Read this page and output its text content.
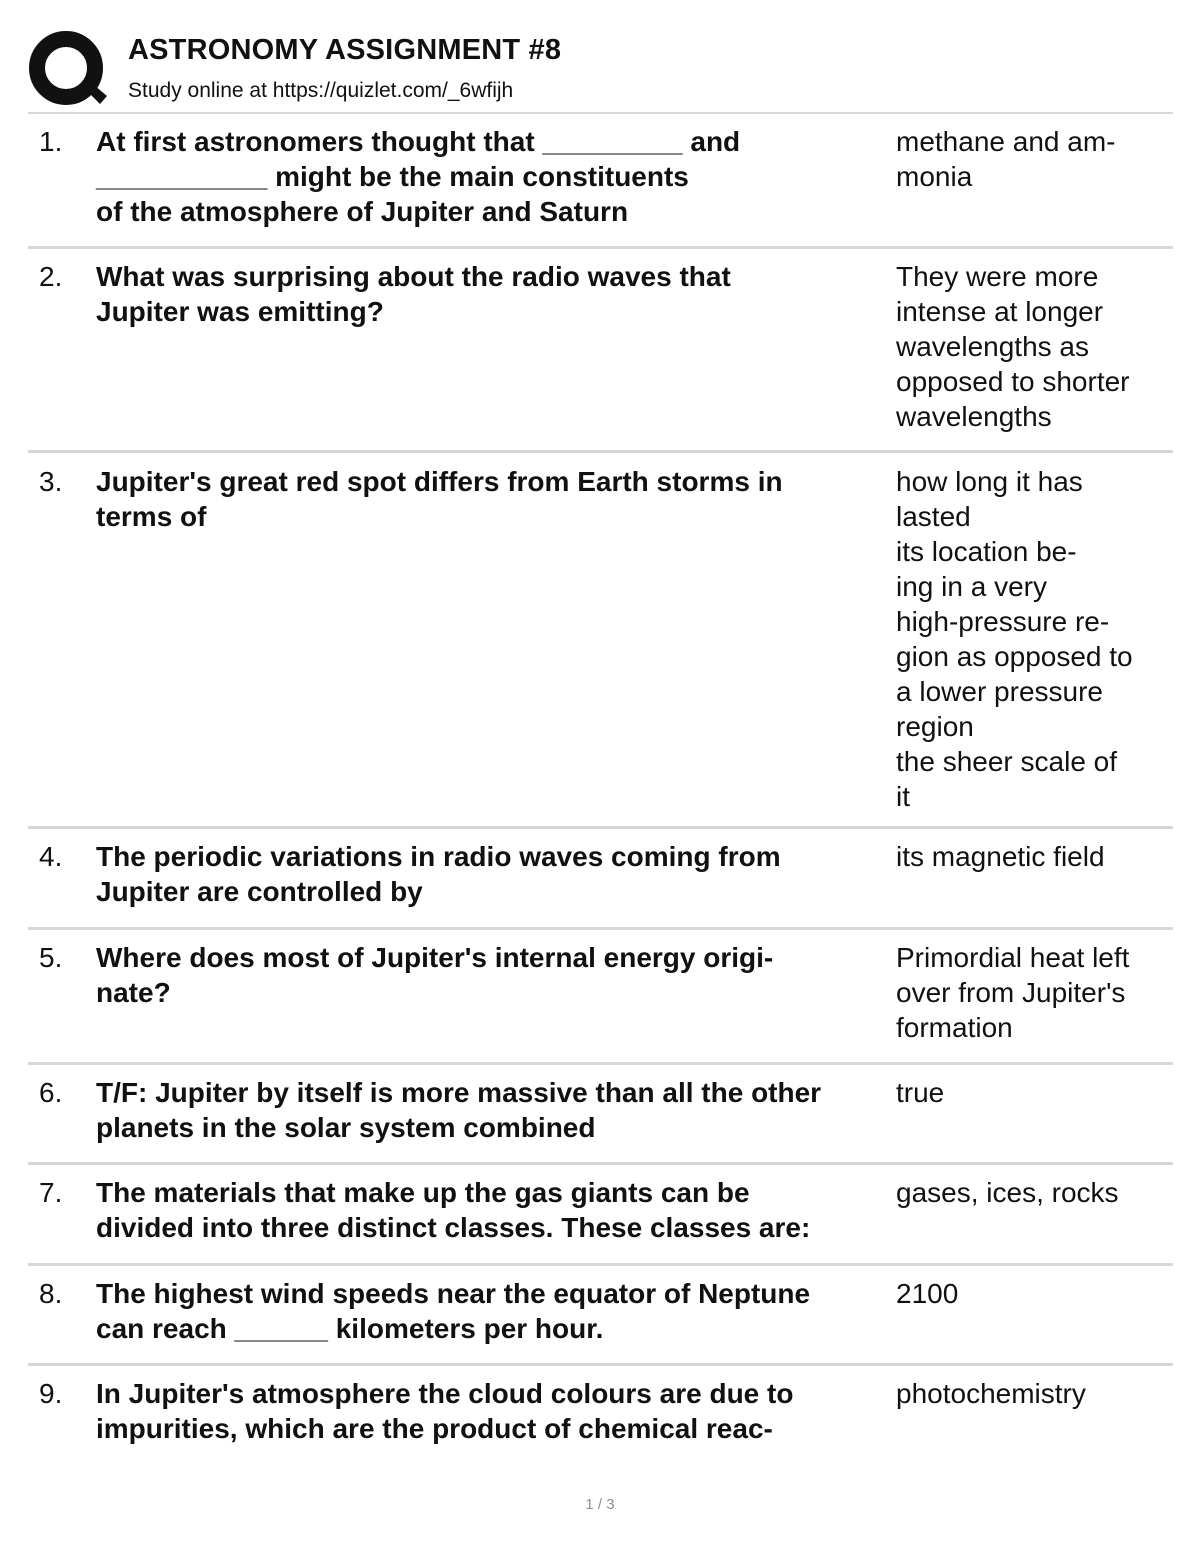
ASTRONOMY ASSIGNMENT #8
Study online at https://quizlet.com/_6wfijh
1. At first astronomers thought that _________ and
___________ might be the main constituents
of the atmosphere of Jupiter and Saturn
methane and am-
monia
2. What was surprising about the radio waves that
Jupiter was emitting?
They were more
intense at longer
wavelengths as
opposed to shorter
wavelengths
3. Jupiter's great red spot differs from Earth storms in
terms of
how long it has
lasted
its location be-
ing in a very
high-pressure re-
gion as opposed to
a lower pressure
region
the sheer scale of
it
4. The periodic variations in radio waves coming from
Jupiter are controlled by
its magnetic field
5. Where does most of Jupiter's internal energy origi-
nate?
Primordial heat left
over from Jupiter's
formation
6. T/F: Jupiter by itself is more massive than all the other
planets in the solar system combined
true
7. The materials that make up the gas giants can be
divided into three distinct classes. These classes are:
gases, ices, rocks
8. The highest wind speeds near the equator of Neptune
can reach ______ kilometers per hour.
2100
9. In Jupiter's atmosphere the cloud colours are due to
impurities, which are the product of chemical reac-
photochemistry
1 / 3
